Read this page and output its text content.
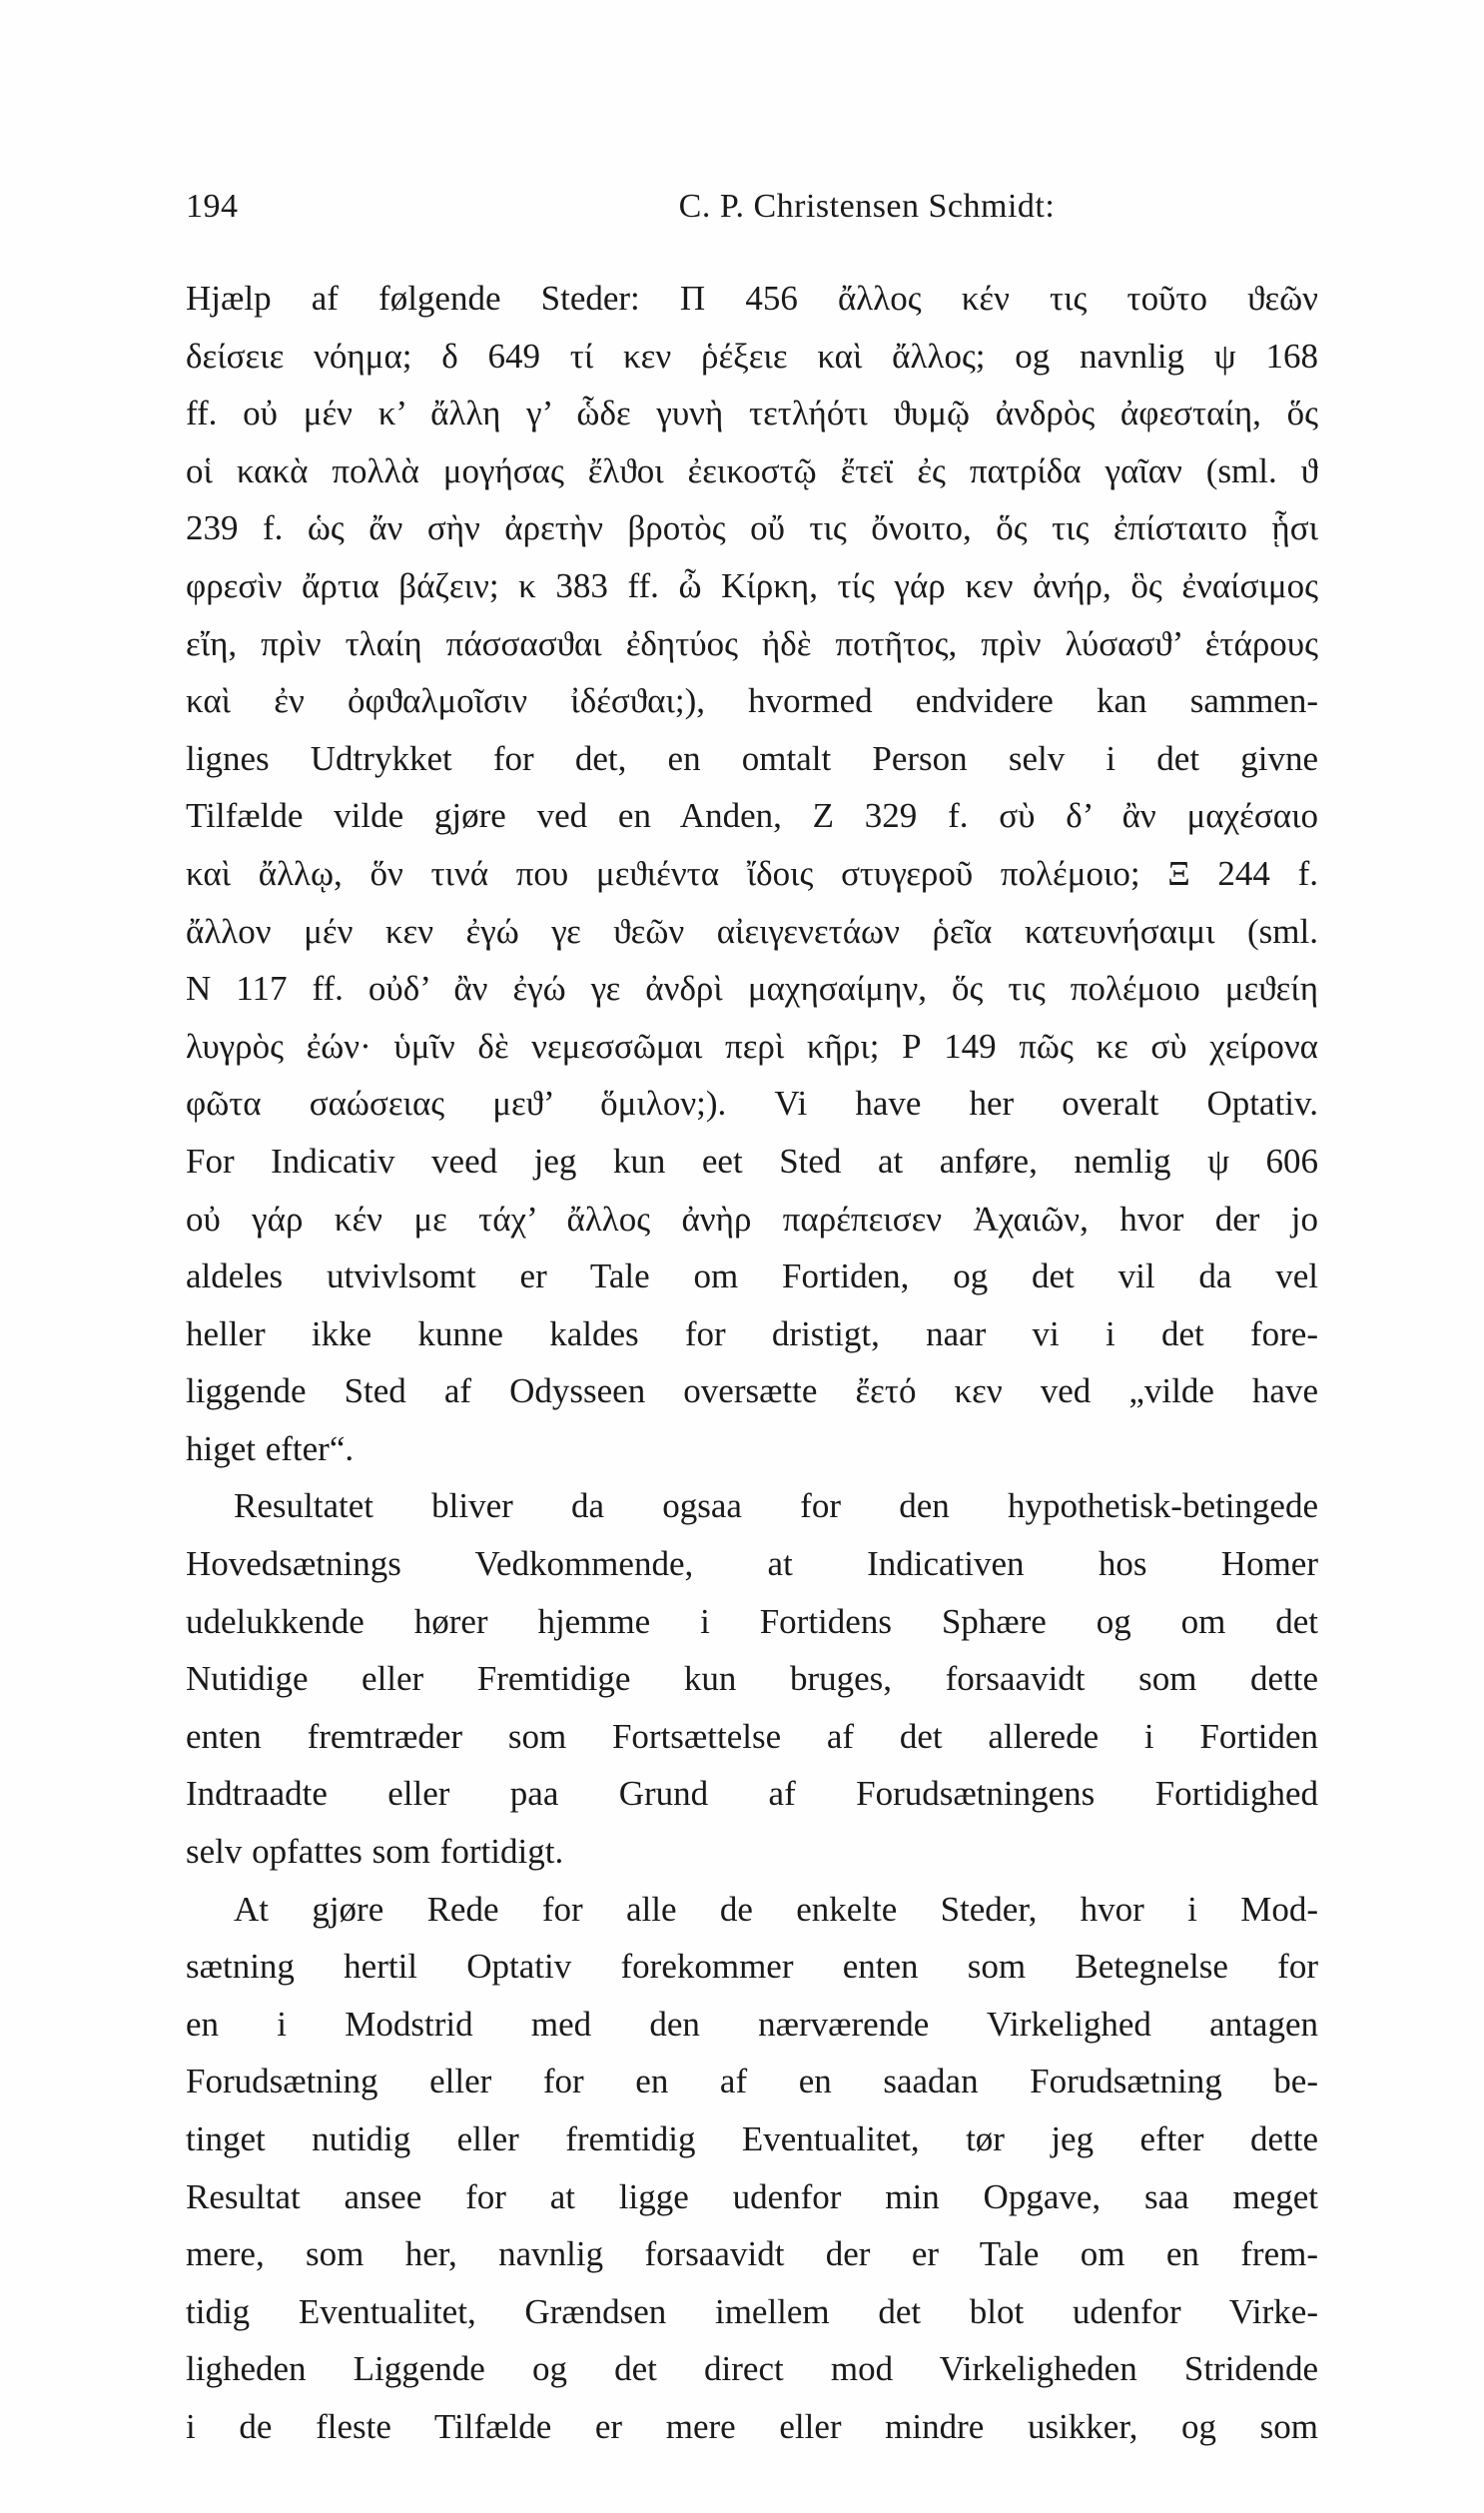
194	C. P. Christensen Schmidt:
Hjælp af følgende Steder: Π 456 ἄλλος κέν τις τοῦτο ϑεῶν
δείσειε νόημα; δ 649 τί κεν ῥέξειε καὶ ἄλλος; og navnlig ψ 168
ff. οὐ μέν κ’ ἄλλη γ’ ὧδε γυνὴ τετλήότι ϑυμῷ ἀνδρὸς ἀφεσταίη, ὅς
οἱ κακὰ πολλὰ μογήσας ἔλϑοι ἐεικοστῷ ἔτεϊ ἐς πατρίδα γαῖαν (sml. ϑ
239 f. ὡς ἄν σὴν ἀρετὴν βροτὸς οὔ τις ὄνοιτο, ὅς τις ἐπίσταιτο ᾗσι
φρεσὶν ἄρτια βάζειν; κ 383 ff. ὦ Κίρκη, τίς γάρ κεν ἀνήρ, ὃς ἐναίσιμος
εἴη, πρὶν τλαίη πάσσασϑαι ἐδητύος ἠδὲ ποτῆτος, πρὶν λύσασϑ’ ἑτάρους
καὶ ἐν ὀφϑαλμοῖσιν ἰδέσϑαι;), hvormed endvidere kan sammen-
lignes Udtrykket for det, en omtalt Person selv i det givne
Tilfælde vilde gjøre ved en Anden, Ζ 329 f. σὺ δ’ ἂν μαχέσαιο
καὶ ἄλλῳ, ὅν τινά που μεϑιέντα ἴδοις στυγεροῦ πολέμοιο; Ξ 244 f.
ἄλλον μέν κεν ἐγώ γε ϑεῶν αἰειγενετάων ῥεῖα κατευνήσαιμι (sml.
Ν 117 ff. οὐδ’ ἂν ἐγώ γε ἀνδρὶ μαχησαίμην, ὅς τις πολέμοιο μεϑείη
λυγρὸς ἐών· ὑμῖν δὲ νεμεσσῶμαι περὶ κῆρι; Ρ 149 πῶς κε σὺ χείρονα
φῶτα σαώσειας μεϑ’ ὅμιλον;). Vi have her overalt Optativ.
For Indicativ veed jeg kun eet Sted at anføre, nemlig ψ 606
οὐ γάρ κέν με τάχ’ ἄλλος ἀνὴρ παρέπεισεν Ἀχαιῶν, hvor der jo
aldeles utvivlsomt er Tale om Fortiden, og det vil da vel
heller ikke kunne kaldes for dristigt, naar vi i det fore-
liggende Sted af Odysseen oversætte ἔετό κεν ved „vilde have
higet efter“.
Resultatet bliver da ogsaa for den hypothetisk-betingede
Hovedsætnings Vedkommende, at Indicativen hos Homer
udelukkende hører hjemme i Fortidens Sphære og om det
Nutidige eller Fremtidige kun bruges, forsaavidt som dette
enten fremtræder som Fortsættelse af det allerede i Fortiden
Indtraadte eller paa Grund af Forudsætningens Fortidighed
selv opfattes som fortidigt.
At gjøre Rede for alle de enkelte Steder, hvor i Mod-
sætning hertil Optativ forekommer enten som Betegnelse for
en i Modstrid med den nærværende Virkelighed antagen
Forudsætning eller for en af en saadan Forudsætning be-
tinget nutidig eller fremtidig Eventualitet, tør jeg efter dette
Resultat ansee for at ligge udenfor min Opgave, saa meget
mere, som her, navnlig forsaavidt der er Tale om en frem-
tidig Eventualitet, Grændsen imellem det blot udenfor Virke-
ligheden Liggende og det direct mod Virkeligheden Stridende
i de fleste Tilfælde er mere eller mindre usikker, og som
